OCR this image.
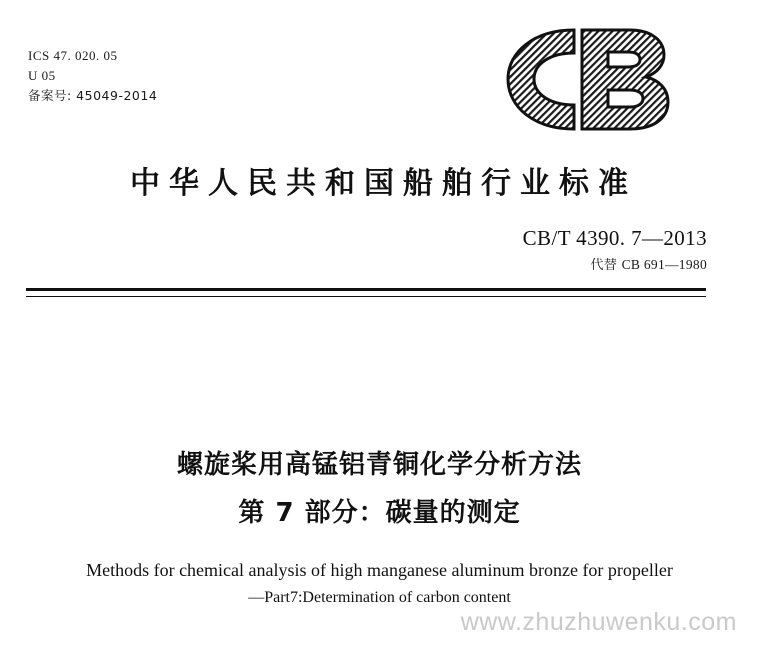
ICS 47. 020. 05
U 05
备案号: 45049-2014
中华人民共和国船舶行业标准
CB/T 4390. 7—2013
代替 CB 691—1980
螺旋桨用高锰铝青铜化学分析方法
第 7 部分：碳量的测定
Methods for chemical analysis of high manganese aluminum bronze for propeller
—Part7:Determination of carbon content
www.zhuzhuwenku.com
